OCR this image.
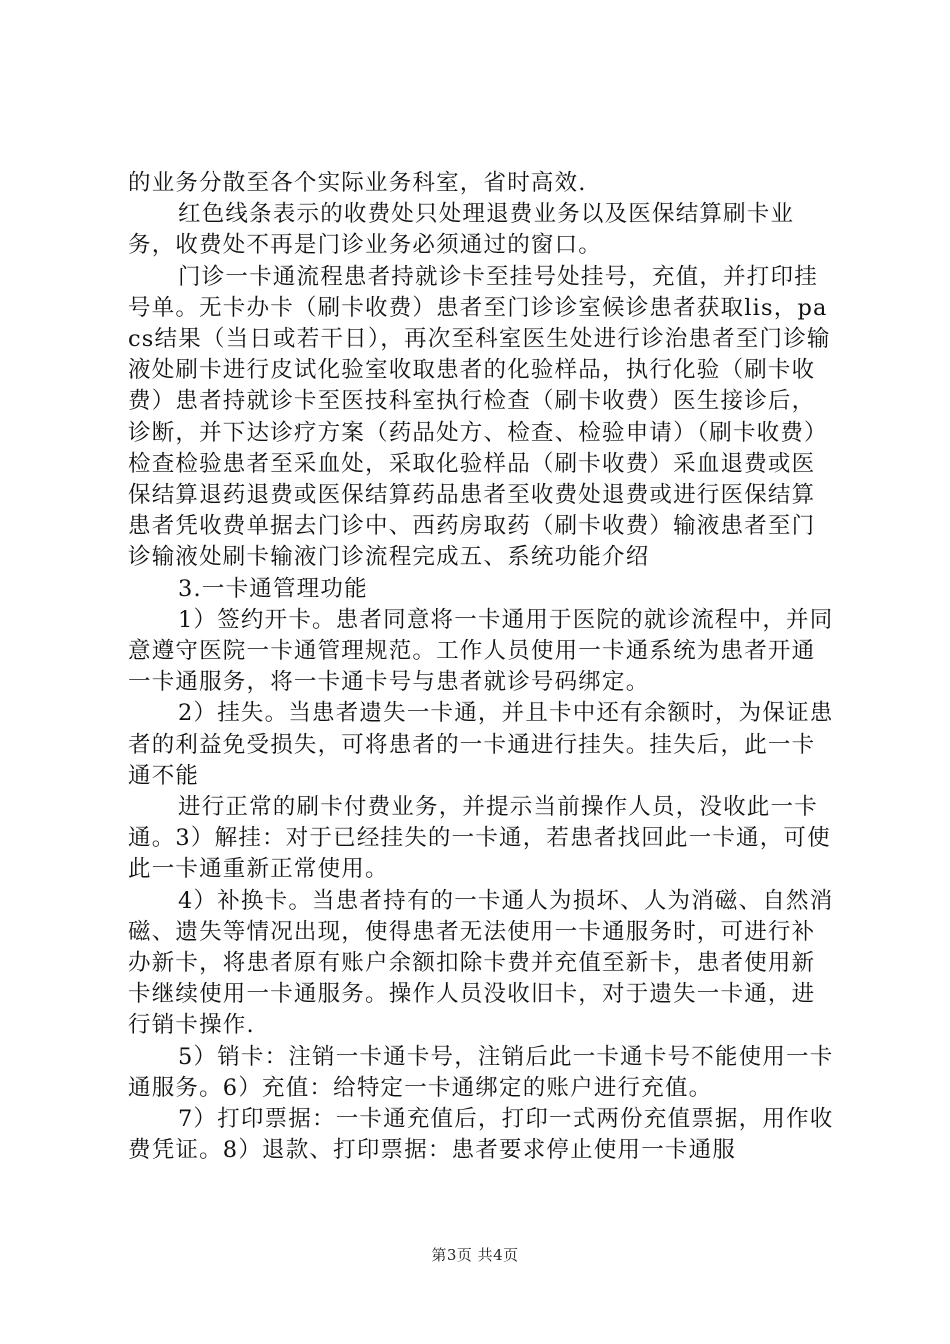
的业务分散至各个实际业务科室，省时高效.

红色线条表示的收费处只处理退费业务以及医保结算刷卡业务，收费处不再是门诊业务必须通过的窗口。

门诊一卡通流程患者持就诊卡至挂号处挂号，充值，并打印挂号单。无卡办卡（刷卡收费）患者至门诊诊室候诊患者获取lis，pacs结果（当日或若干日），再次至科室医生处进行诊治患者至门诊输液处刷卡进行皮试化验室收取患者的化验样品，执行化验（刷卡收费）患者持就诊卡至医技科室执行检查（刷卡收费）医生接诊后，诊断，并下达诊疗方案（药品处方、检查、检验申请）（刷卡收费）检查检验患者至采血处，采取化验样品（刷卡收费）采血退费或医保结算退药退费或医保结算药品患者至收费处退费或进行医保结算患者凭收费单据去门诊中、西药房取药（刷卡收费）输液患者至门诊输液处刷卡输液门诊流程完成五、系统功能介绍

3.一卡通管理功能

1）签约开卡。患者同意将一卡通用于医院的就诊流程中，并同意遵守医院一卡通管理规范。工作人员使用一卡通系统为患者开通一卡通服务，将一卡通卡号与患者就诊号码绑定。

2）挂失。当患者遗失一卡通，并且卡中还有余额时，为保证患者的利益免受损失，可将患者的一卡通进行挂失。挂失后，此一卡通不能

进行正常的刷卡付费业务，并提示当前操作人员，没收此一卡通。3）解挂：对于已经挂失的一卡通，若患者找回此一卡通，可使此一卡通重新正常使用。

4）补换卡。当患者持有的一卡通人为损坏、人为消磁、自然消磁、遗失等情况出现，使得患者无法使用一卡通服务时，可进行补办新卡，将患者原有账户余额扣除卡费并充值至新卡，患者使用新卡继续使用一卡通服务。操作人员没收旧卡，对于遗失一卡通，进行销卡操作.

5）销卡：注销一卡通卡号，注销后此一卡通卡号不能使用一卡通服务。6）充值：给特定一卡通绑定的账户进行充值。

7）打印票据：一卡通充值后，打印一式两份充值票据，用作收费凭证。8）退款、打印票据：患者要求停止使用一卡通服

第3页 共4页
